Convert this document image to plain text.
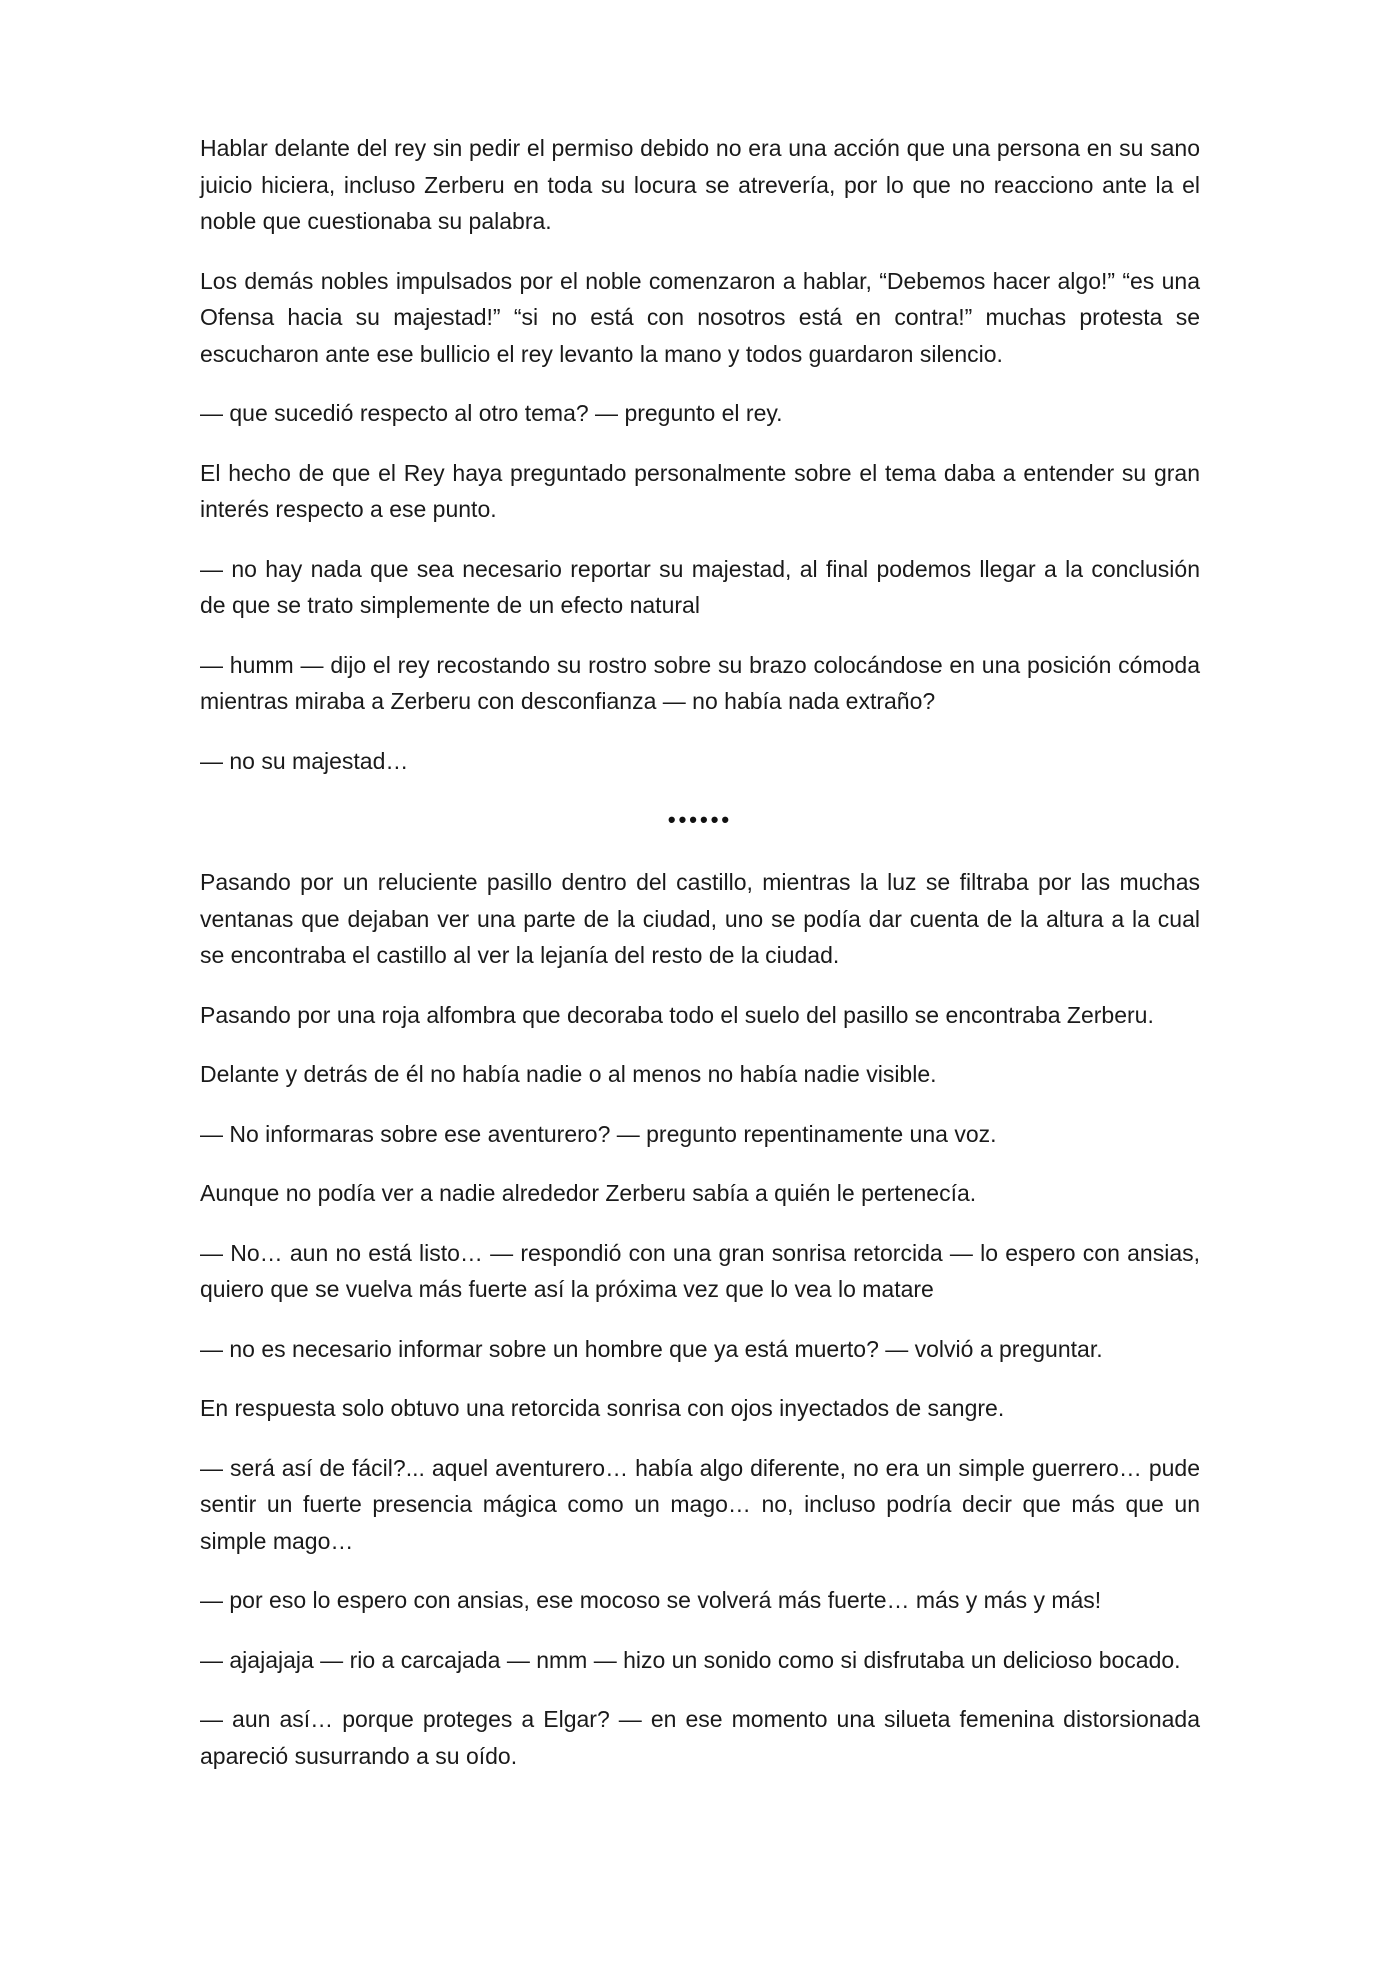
Hablar delante del rey sin pedir el permiso debido no era una acción que una persona en su sano juicio hiciera, incluso Zerberu en toda su locura se atrevería, por lo que no reacciono ante la el noble que cuestionaba su palabra.

Los demás nobles impulsados por el noble comenzaron a hablar, “Debemos hacer algo!” “es una Ofensa hacia su majestad!” “si no está con nosotros está en contra!” muchas protesta se escucharon ante ese bullicio el rey levanto la mano y todos guardaron silencio.

— que sucedió respecto al otro tema? — pregunto el rey.

El hecho de que el Rey haya preguntado personalmente sobre el tema daba a entender su gran interés respecto a ese punto.

— no hay nada que sea necesario reportar su majestad, al final podemos llegar a la conclusión de que se trato simplemente de un efecto natural

— humm — dijo el rey recostando su rostro sobre su brazo colocándose en una posición cómoda mientras miraba a Zerberu con desconfianza — no había nada extraño?

— no su majestad…

••••••

Pasando por un reluciente pasillo dentro del castillo, mientras la luz se filtraba por las muchas ventanas que dejaban ver una parte de la ciudad, uno se podía dar cuenta de la altura a la cual se encontraba el castillo al ver la lejanía del resto de la ciudad.

Pasando por una roja alfombra que decoraba todo el suelo del pasillo se encontraba Zerberu.

Delante y detrás de él no había nadie o al menos no había nadie visible.

— No informaras sobre ese aventurero? — pregunto repentinamente una voz.

Aunque no podía ver a nadie alrededor Zerberu sabía a quién le pertenecía.

— No… aun no está listo… — respondió con una gran sonrisa retorcida — lo espero con ansias, quiero que se vuelva más fuerte así la próxima vez que lo vea lo matare

— no es necesario informar sobre un hombre que ya está muerto? — volvió a preguntar.

En respuesta solo obtuvo una retorcida sonrisa con ojos inyectados de sangre.

— será así de fácil?... aquel aventurero… había algo diferente, no era un simple guerrero… pude sentir un fuerte presencia mágica como un mago… no, incluso podría decir que más que un simple mago…

— por eso lo espero con ansias, ese mocoso se volverá más fuerte… más y más y más!

— ajajajaja — rio a carcajada — nmm — hizo un sonido como si disfrutaba un delicioso bocado.

— aun así… porque proteges a Elgar? — en ese momento una silueta femenina distorsionada apareció susurrando a su oído.
